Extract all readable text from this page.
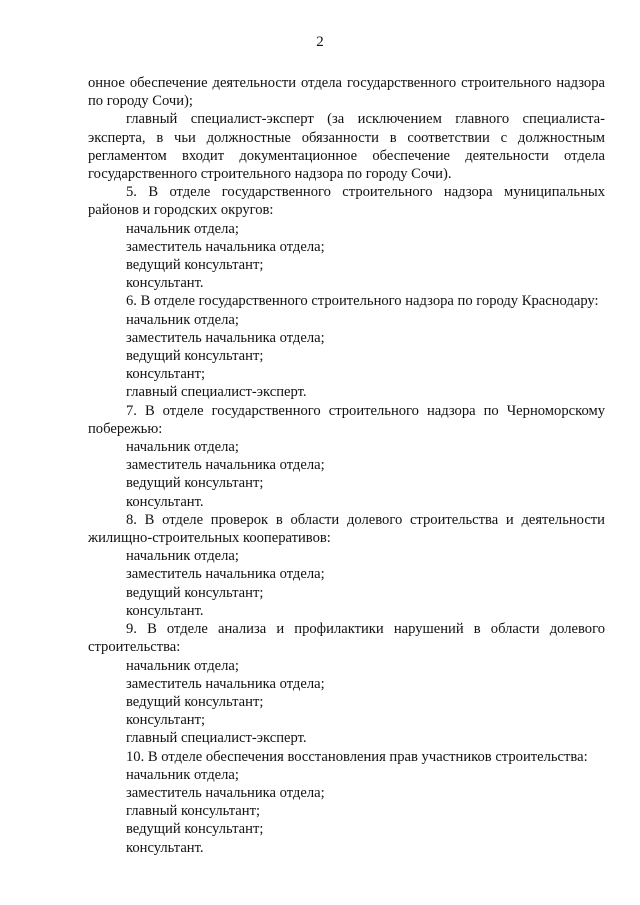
2

онное обеспечение деятельности отдела государственного строительного надзора по городу Сочи);

главный специалист-эксперт (за исключением главного специалиста-эксперта, в чьи должностные обязанности в соответствии с должностным регламентом входит документационное обеспечение деятельности отдела государственного строительного надзора по городу Сочи).

5. В отделе государственного строительного надзора муниципальных районов и городских округов:

начальник отдела;
заместитель начальника отдела;
ведущий консультант;
консультант.

6. В отделе государственного строительного надзора по городу Краснодару:

начальник отдела;
заместитель начальника отдела;
ведущий консультант;
консультант;
главный специалист-эксперт.

7. В отделе государственного строительного надзора по Черноморскому побережью:

начальник отдела;
заместитель начальника отдела;
ведущий консультант;
консультант.

8. В отделе проверок в области долевого строительства и деятельности жилищно-строительных кооперативов:

начальник отдела;
заместитель начальника отдела;
ведущий консультант;
консультант.

9. В отделе анализа и профилактики нарушений в области долевого строительства:

начальник отдела;
заместитель начальника отдела;
ведущий консультант;
консультант;
главный специалист-эксперт.

10. В отделе обеспечения восстановления прав участников строительства:

начальник отдела;
заместитель начальника отдела;
главный консультант;
ведущий консультант;
консультант.
